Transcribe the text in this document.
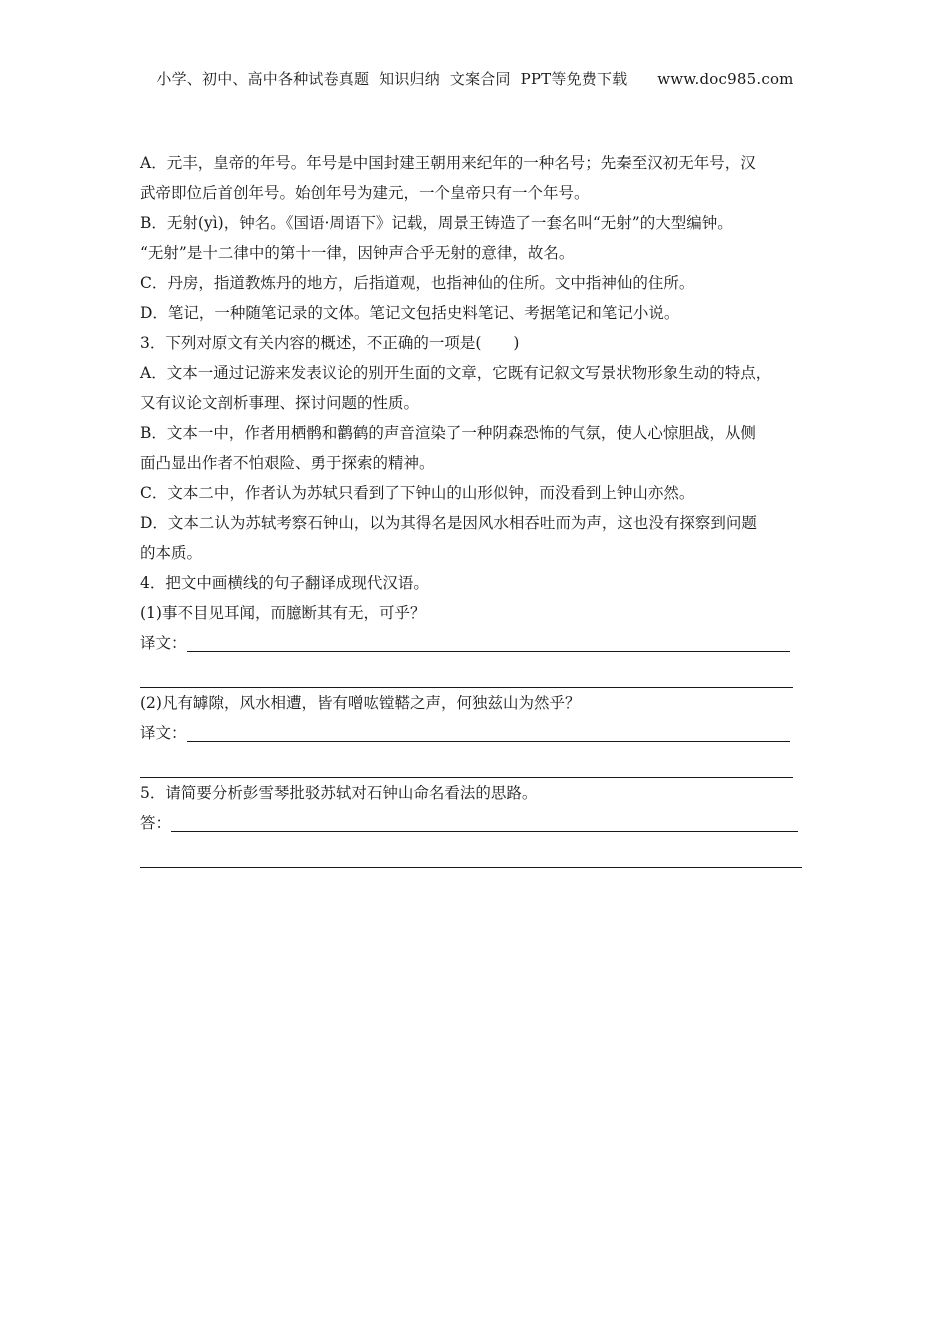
小学、初中、高中各种试卷真题  知识归纳  文案合同  PPT等免费下载      www.doc985.com

A．元丰，皇帝的年号。年号是中国封建王朝用来纪年的一种名号；先秦至汉初无年号，汉

武帝即位后首创年号。始创年号为建元，一个皇帝只有一个年号。

B．无射(yì)，钟名。《国语·周语下》记载，周景王铸造了一套名叫“无射”的大型编钟。

“无射”是十二律中的第十一律，因钟声合乎无射的意律，故名。

C．丹房，指道教炼丹的地方，后指道观，也指神仙的住所。文中指神仙的住所。

D．笔记，一种随笔记录的文体。笔记文包括史料笔记、考据笔记和笔记小说。

3．下列对原文有关内容的概述，不正确的一项是( )

A．文本一通过记游来发表议论的别开生面的文章，它既有记叙文写景状物形象生动的特点，

又有议论文剖析事理、探讨问题的性质。

B．文本一中，作者用栖鹘和鹳鹤的声音渲染了一种阴森恐怖的气氛，使人心惊胆战，从侧

面凸显出作者不怕艰险、勇于探索的精神。

C．文本二中，作者认为苏轼只看到了下钟山的山形似钟，而没看到上钟山亦然。

D．文本二认为苏轼考察石钟山，以为其得名是因风水相吞吐而为声，这也没有探察到问题

的本质。

4．把文中画横线的句子翻译成现代汉语。

(1)事不目见耳闻，而臆断其有无，可乎？

译文：

(2)凡有罅隙，风水相遭，皆有噌吰镗鞳之声，何独兹山为然乎？

译文：

5．请简要分析彭雪琴批驳苏轼对石钟山命名看法的思路。

答：
